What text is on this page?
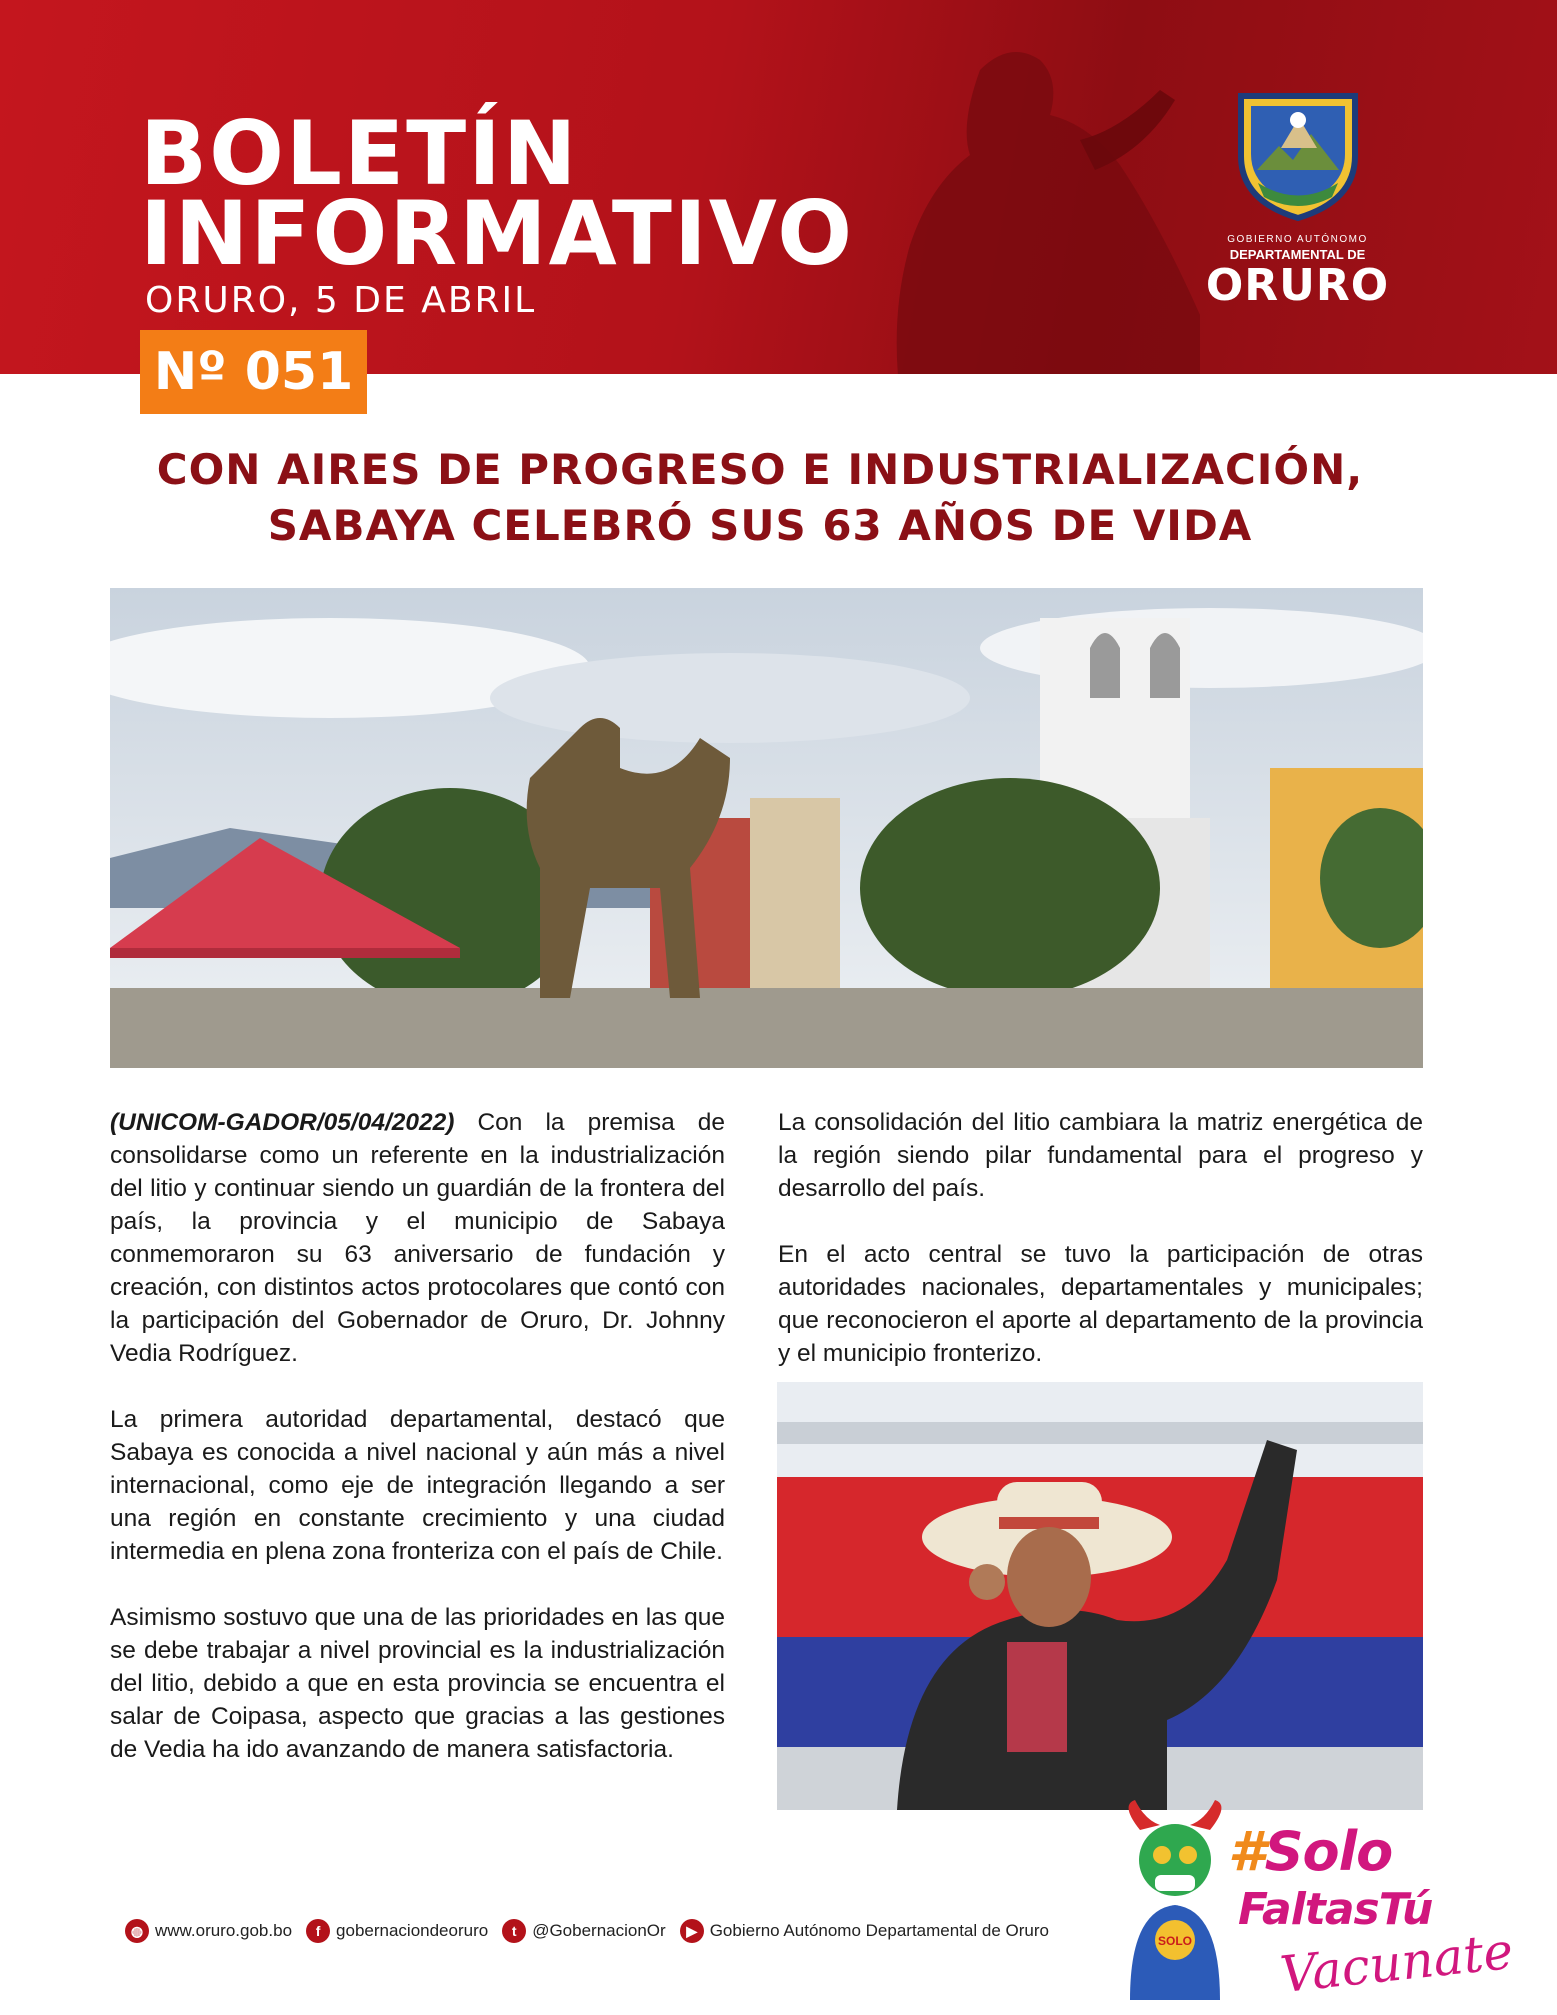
BOLETÍN
INFORMATIVO
ORURO, 5 DE ABRIL
GOBIERNO AUTÓNOMO
DEPARTAMENTAL DE
ORURO
Nº 051
CON AIRES DE PROGRESO E INDUSTRIALIZACIÓN, SABAYA CELEBRÓ SUS 63 AÑOS DE VIDA

(UNICOM-GADOR/05/04/2022) Con la premisa de consolidarse como un referente en la industrialización del litio y continuar siendo un guardián de la frontera del país, la provincia y el municipio de Sabaya conmemoraron su 63 aniversario de fundación y creación, con distintos actos protocolares que contó con la participación del Gobernador de Oruro, Dr. Johnny Vedia Rodríguez.

La primera autoridad departamental, destacó que Sabaya es conocida a nivel nacional y aún más a nivel internacional, como eje de integración llegando a ser una región en constante crecimiento y una ciudad intermedia en plena zona fronteriza con el país de Chile.

Asimismo sostuvo que una de las prioridades en las que se debe trabajar a nivel provincial es la industrialización del litio, debido a que en esta provincia se encuentra el salar de Coipasa, aspecto que gracias a las gestiones de Vedia ha ido avanzando de manera satisfactoria.

La consolidación del litio cambiara la matriz energética de la región siendo pilar fundamental para el progreso y desarrollo del país.

En el acto central se tuvo la participación de otras autoridades nacionales, departamentales y municipales; que reconocieron el aporte al departamento de la provincia y el municipio fronterizo.

◍ www.oruro.gob.bo	f gobernaciondeoruro	t @GobernacionOr	▶ Gobierno Autónomo Departamental de Oruro
SOLO
#Solo
FaltasTú
Vacunate
